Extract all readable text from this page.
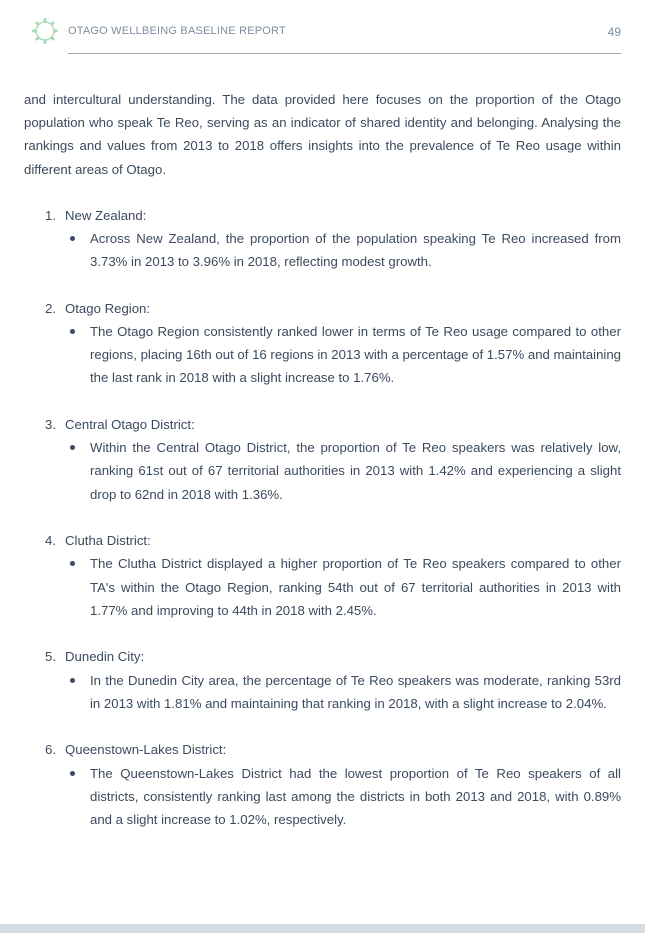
OTAGO WELLBEING BASELINE REPORT	49

and intercultural understanding. The data provided here focuses on the proportion of the Otago population who speak Te Reo, serving as an indicator of shared identity and belonging. Analysing the rankings and values from 2013 to 2018 offers insights into the prevalence of Te Reo usage within different areas of Otago.

1. New Zealand:
Across New Zealand, the proportion of the population speaking Te Reo increased from 3.73% in 2013 to 3.96% in 2018, reflecting modest growth.
2. Otago Region:
The Otago Region consistently ranked lower in terms of Te Reo usage compared to other regions, placing 16th out of 16 regions in 2013 with a percentage of 1.57% and maintaining the last rank in 2018 with a slight increase to 1.76%.
3. Central Otago District:
Within the Central Otago District, the proportion of Te Reo speakers was relatively low, ranking 61st out of 67 territorial authorities in 2013 with 1.42% and experiencing a slight drop to 62nd in 2018 with 1.36%.
4. Clutha District:
The Clutha District displayed a higher proportion of Te Reo speakers compared to other TA's within the Otago Region, ranking 54th out of 67 territorial authorities in 2013 with 1.77% and improving to 44th in 2018 with 2.45%.
5. Dunedin City:
In the Dunedin City area, the percentage of Te Reo speakers was moderate, ranking 53rd in 2013 with 1.81% and maintaining that ranking in 2018, with a slight increase to 2.04%.
6. Queenstown-Lakes District:
The Queenstown-Lakes District had the lowest proportion of Te Reo speakers of all districts, consistently ranking last among the districts in both 2013 and 2018, with 0.89% and a slight increase to 1.02%, respectively.
